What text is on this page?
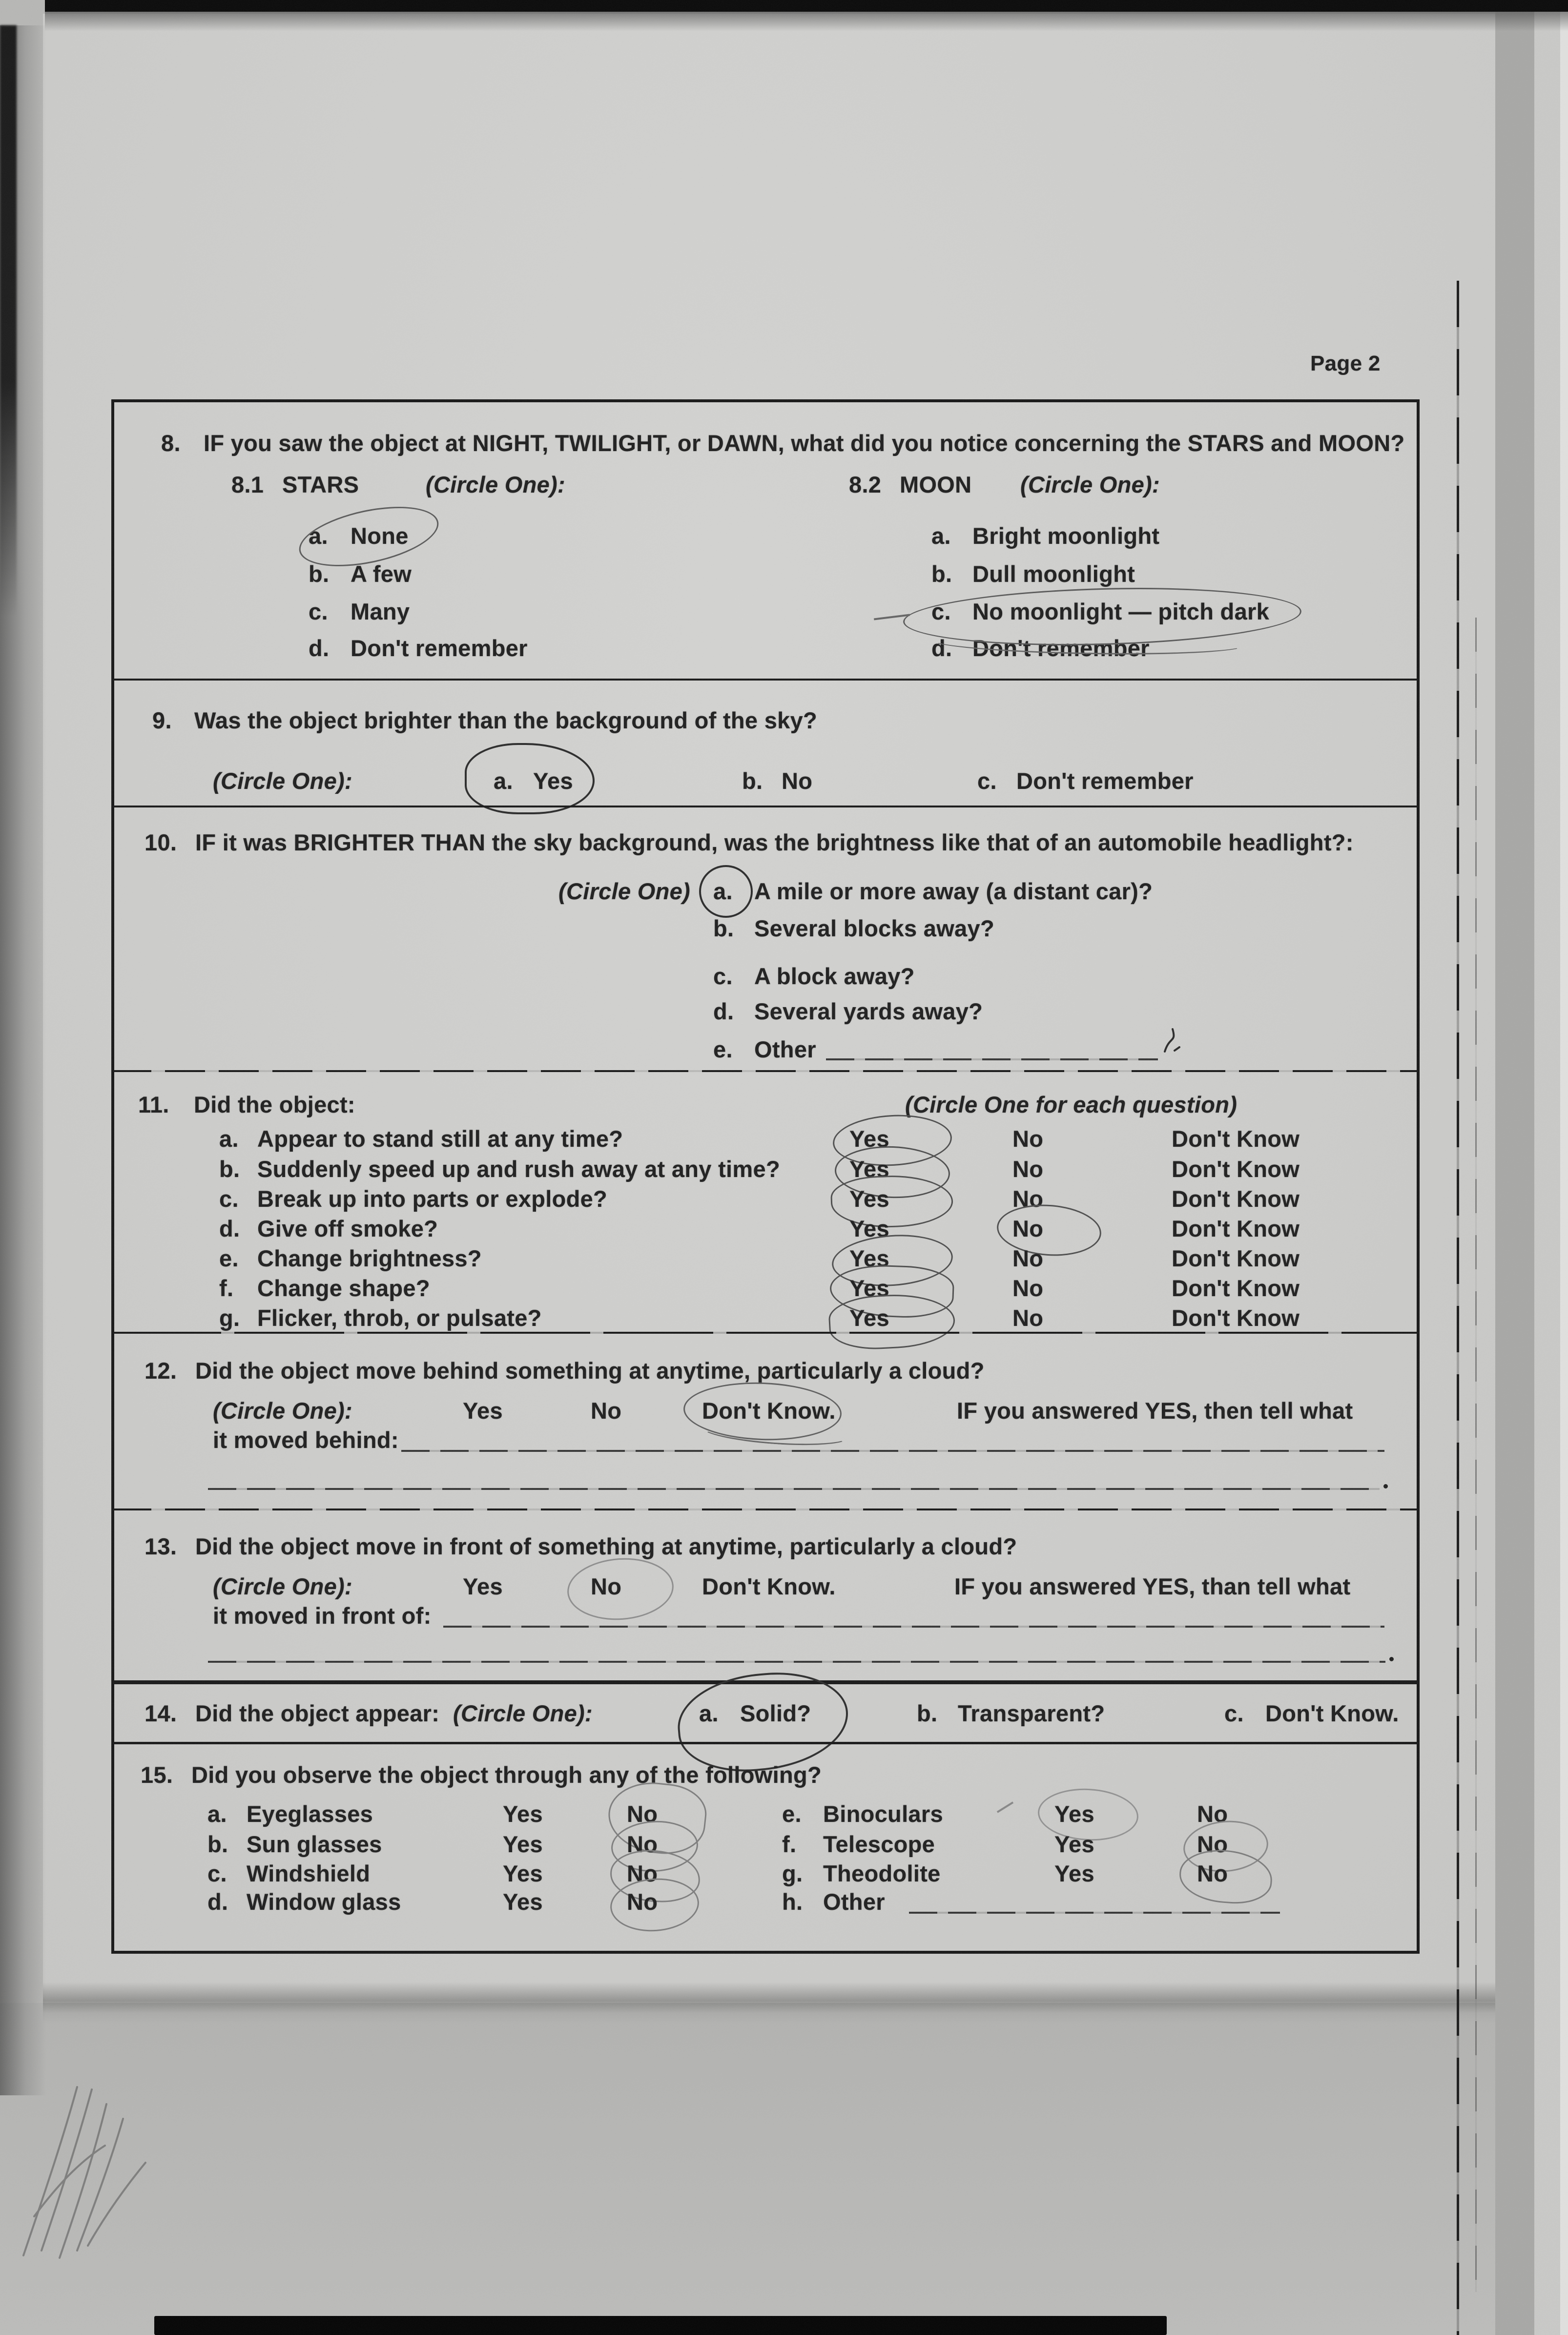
Page 2
8. IF you saw the object at NIGHT, TWILIGHT, or DAWN, what did you notice concerning the STARS and MOON?
8.1 STARS	(Circle One):	8.2 MOON (Circle One):
a. None
b. A few
c. Many
d. Don't remember
a. Bright moonlight
b. Dull moonlight
c. No moonlight — pitch dark
d. Don't remember
9. Was the object brighter than the background of the sky?
(Circle One):	a. Yes	b. No	c. Don't remember
10. IF it was BRIGHTER THAN the sky background, was the brightness like that of an automobile headlight?:
(Circle One) a. A mile or more away (a distant car)?
b. Several blocks away?
c. A block away?
d. Several yards away?
e. Other
11. Did the object:	(Circle One for each question)
a. Appear to stand still at any time?	Yes	No	Don't Know
b. Suddenly speed up and rush away at any time?	Yes	No	Don't Know
c. Break up into parts or explode?	Yes	No	Don't Know
d. Give off smoke?	Yes	No	Don't Know
e. Change brightness?	Yes	No	Don't Know
f. Change shape?	Yes	No	Don't Know
g. Flicker, throb, or pulsate?	Yes	No	Don't Know
12. Did the object move behind something at anytime, particularly a cloud?
(Circle One):	Yes	No	Don't Know.	IF you answered YES, then tell what
it moved behind:
13. Did the object move in front of something at anytime, particularly a cloud?
(Circle One):	Yes	No	Don't Know.	IF you answered YES, than tell what
it moved in front of:
14. Did the object appear: (Circle One):	a. Solid?	b. Transparent?	c. Don't Know.
15. Did you observe the object through any of the following?
a. Eyeglasses	Yes	No
b. Sun glasses	Yes	No
c. Windshield	Yes	No
d. Window glass	Yes	No
e. Binoculars	Yes	No
f. Telescope	Yes	No
g. Theodolite	Yes	No
h. Other
